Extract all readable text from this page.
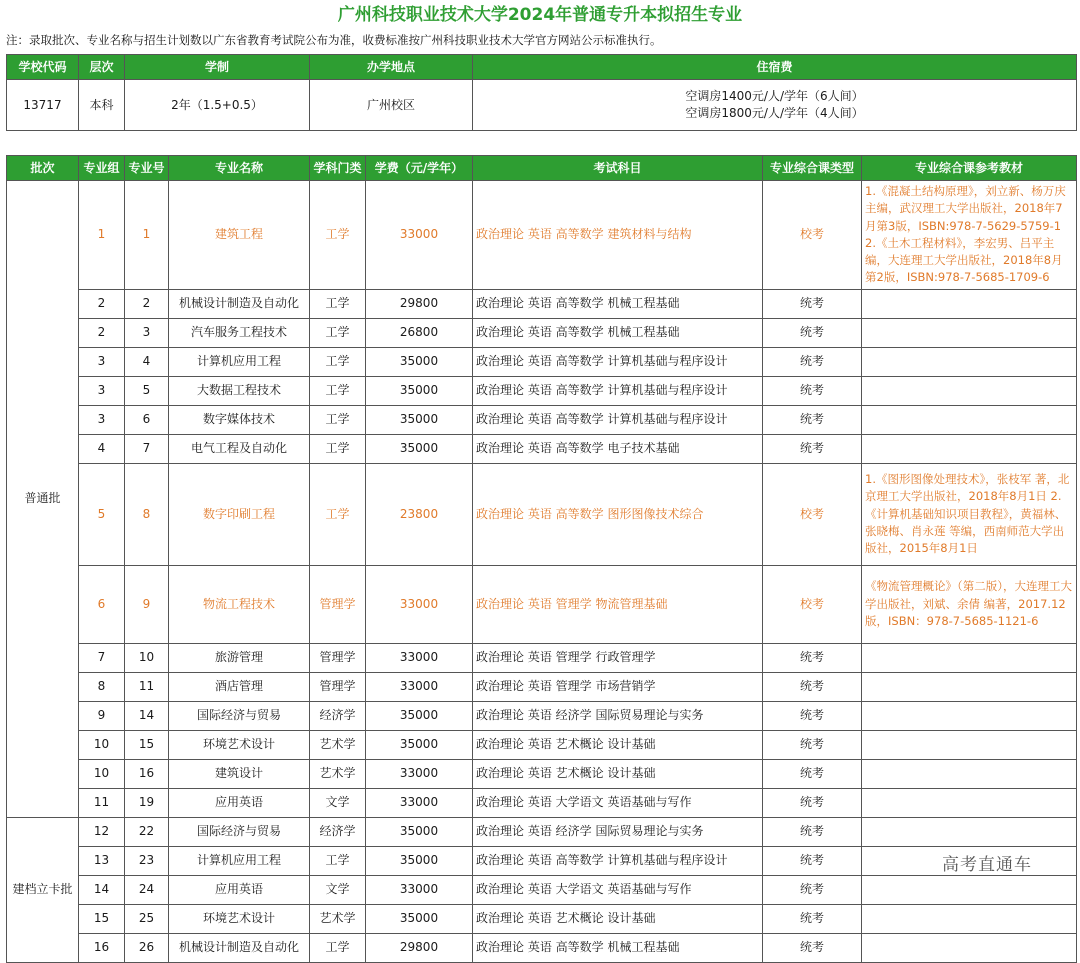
广州科技职业技术大学2024年普通专升本拟招生专业
注：录取批次、专业名称与招生计划数以广东省教育考试院公布为准，收费标准按广州科技职业技术大学官方网站公示标准执行。
学校代码	层次	学制	办学地点	住宿费
13717	本科	2年（1.5+0.5）	广州校区	空调房1400元/人/学年（6人间）
空调房1800元/人/学年（4人间）
批次	专业组	专业号	专业名称	学科门类	学费（元/学年）	考试科目	专业综合课类型	专业综合课参考教材
普通批	1	1	建筑工程	工学	33000	政治理论 英语 高等数学 建筑材料与结构	校考	1.《混凝土结构原理》，刘立新、杨万庆主编，武汉理工大学出版社，2018年7月第3版，ISBN:978-7-5629-5759-1 2.《土木工程材料》，李宏男、吕平主编，大连理工大学出版社，2018年8月第2版，ISBN:978-7-5685-1709-6
	2	2	机械设计制造及自动化	工学	29800	政治理论 英语 高等数学 机械工程基础	统考	
	2	3	汽车服务工程技术	工学	26800	政治理论 英语 高等数学 机械工程基础	统考	
	3	4	计算机应用工程	工学	35000	政治理论 英语 高等数学 计算机基础与程序设计	统考	
	3	5	大数据工程技术	工学	35000	政治理论 英语 高等数学 计算机基础与程序设计	统考	
	3	6	数字媒体技术	工学	35000	政治理论 英语 高等数学 计算机基础与程序设计	统考	
	4	7	电气工程及自动化	工学	35000	政治理论 英语 高等数学 电子技术基础	统考	
	5	8	数字印刷工程	工学	23800	政治理论 英语 高等数学 图形图像技术综合	校考	1.《图形图像处理技术》，张枝军 著，北京理工大学出版社，2018年8月1日 2.《计算机基础知识项目教程》，黄福林、张晓梅、肖永莲 等编，西南师范大学出版社，2015年8月1日
	6	9	物流工程技术	管理学	33000	政治理论 英语 管理学 物流管理基础	校考	《物流管理概论》（第二版），大连理工大学出版社，刘斌、余倩 编著，2017.12 版，ISBN：978-7-5685-1121-6
	7	10	旅游管理	管理学	33000	政治理论 英语 管理学 行政管理学	统考	
	8	11	酒店管理	管理学	33000	政治理论 英语 管理学 市场营销学	统考	
	9	14	国际经济与贸易	经济学	35000	政治理论 英语 经济学 国际贸易理论与实务	统考	
	10	15	环境艺术设计	艺术学	35000	政治理论 英语 艺术概论 设计基础	统考	
	10	16	建筑设计	艺术学	33000	政治理论 英语 艺术概论 设计基础	统考	
	11	19	应用英语	文学	33000	政治理论 英语 大学语文 英语基础与写作	统考	
建档立卡批	12	22	国际经济与贸易	经济学	35000	政治理论 英语 经济学 国际贸易理论与实务	统考	
	13	23	计算机应用工程	工学	35000	政治理论 英语 高等数学 计算机基础与程序设计	统考	
	14	24	应用英语	文学	33000	政治理论 英语 大学语文 英语基础与写作	统考	
	15	25	环境艺术设计	艺术学	35000	政治理论 英语 艺术概论 设计基础	统考	
	16	26	机械设计制造及自动化	工学	29800	政治理论 英语 高等数学 机械工程基础	统考	
高考直通车
